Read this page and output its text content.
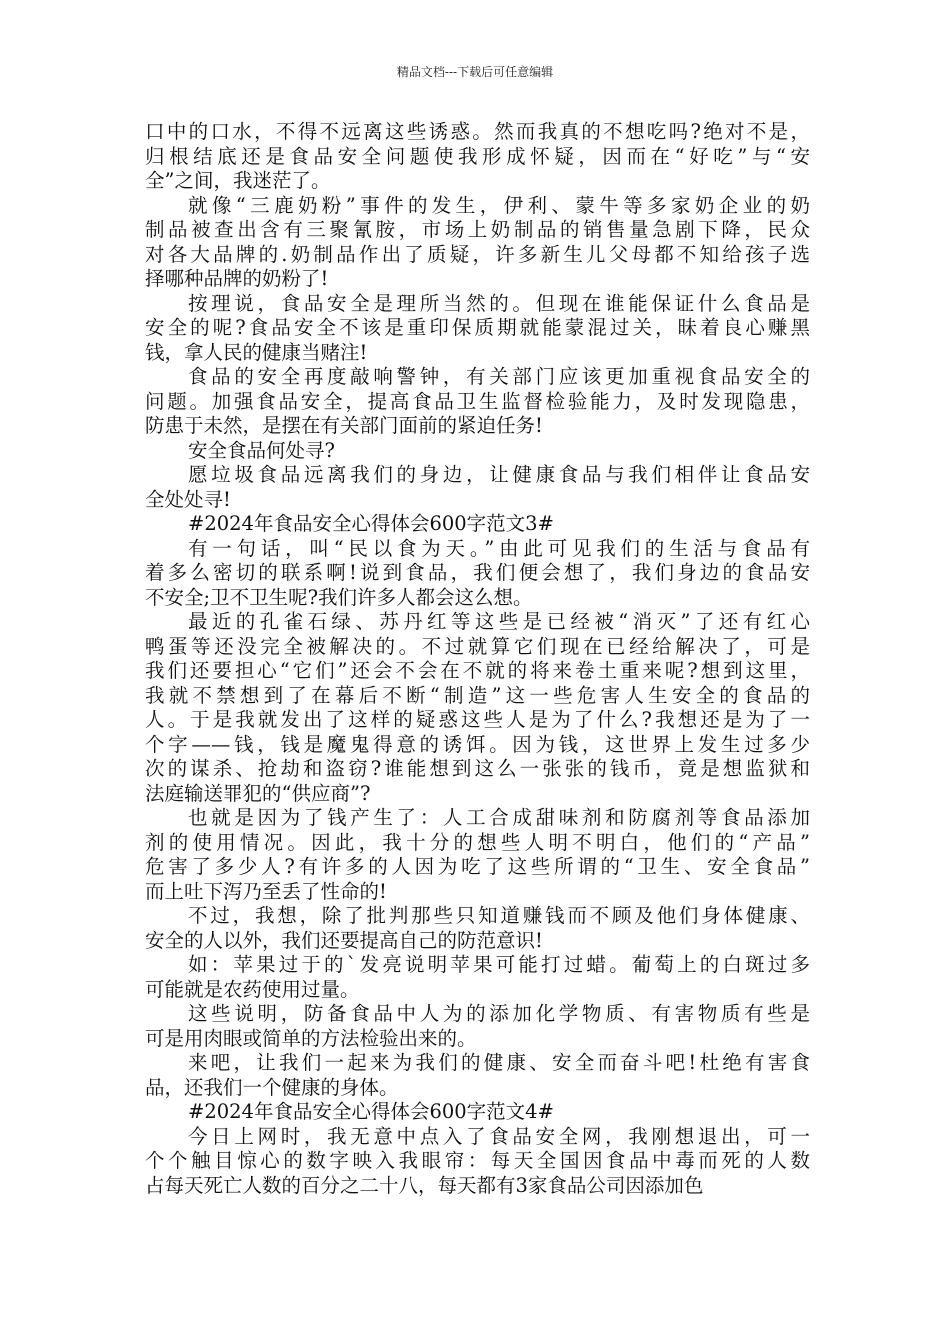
精品文档---下载后可任意编辑
口中的口水，不得不远离这些诱惑。然而我真的不想吃吗?绝对不是，
归根结底还是食品安全问题使我形成怀疑，因而在“好吃”与“安
全”之间，我迷茫了。
就像“三鹿奶粉”事件的发生，伊利、蒙牛等多家奶企业的奶
制品被查出含有三聚氰胺，市场上奶制品的销售量急剧下降，民众
对各大品牌的.奶制品作出了质疑，许多新生儿父母都不知给孩子选
择哪种品牌的奶粉了!
按理说，食品安全是理所当然的。但现在谁能保证什么食品是
安全的呢?食品安全不该是重印保质期就能蒙混过关，昧着良心赚黑
钱，拿人民的健康当赌注!
食品的安全再度敲响警钟，有关部门应该更加重视食品安全的
问题。加强食品安全，提高食品卫生监督检验能力，及时发现隐患，
防患于未然，是摆在有关部门面前的紧迫任务!
安全食品何处寻?
愿垃圾食品远离我们的身边，让健康食品与我们相伴让食品安
全处处寻!
#2024年食品安全心得体会600字范文3#
有一句话，叫“民以食为天。”由此可见我们的生活与食品有
着多么密切的联系啊!说到食品，我们便会想了，我们身边的食品安
不安全;卫不卫生呢?我们许多人都会这么想。
最近的孔雀石绿、苏丹红等这些是已经被“消灭”了还有红心
鸭蛋等还没完全被解决的。不过就算它们现在已经给解决了，可是
我们还要担心“它们”还会不会在不就的将来卷土重来呢?想到这里，
我就不禁想到了在幕后不断“制造”这一些危害人生安全的食品的
人。于是我就发出了这样的疑惑这些人是为了什么?我想还是为了一
个字——钱，钱是魔鬼得意的诱饵。因为钱，这世界上发生过多少
次的谋杀、抢劫和盗窃?谁能想到这么一张张的钱币，竟是想监狱和
法庭输送罪犯的“供应商”?
也就是因为了钱产生了：人工合成甜味剂和防腐剂等食品添加
剂的使用情况。因此，我十分的想些人明不明白，他们的“产品”
危害了多少人?有许多的人因为吃了这些所谓的“卫生、安全食品”
而上吐下泻乃至丢了性命的!
不过，我想，除了批判那些只知道赚钱而不顾及他们身体健康、
安全的人以外，我们还要提高自己的防范意识!
如：苹果过于的`发亮说明苹果可能打过蜡。葡萄上的白斑过多
可能就是农药使用过量。
这些说明，防备食品中人为的添加化学物质、有害物质有些是
可是用肉眼或简单的方法检验出来的。
来吧，让我们一起来为我们的健康、安全而奋斗吧!杜绝有害食
品，还我们一个健康的身体。
#2024年食品安全心得体会600字范文4#
今日上网时，我无意中点入了食品安全网，我刚想退出，可一
个个触目惊心的数字映入我眼帘：每天全国因食品中毒而死的人数
占每天死亡人数的百分之二十八，每天都有3家食品公司因添加色
